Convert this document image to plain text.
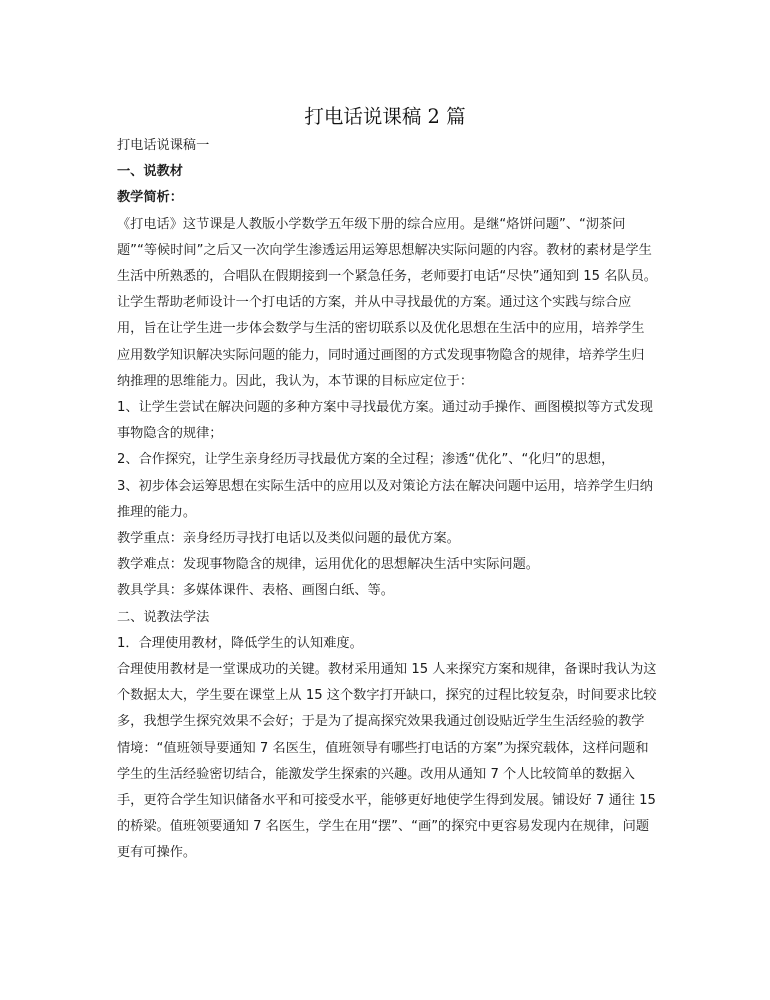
打电话说课稿 2 篇

打电话说课稿一

一、说教材

教学简析：

《打电话》这节课是人教版小学数学五年级下册的综合应用。是继“烙饼问题”、“沏茶问题”“等候时间”之后又一次向学生渗透运用运筹思想解决实际问题的内容。教材的素材是学生生活中所熟悉的，合唱队在假期接到一个紧急任务，老师要打电话“尽快”通知到 15 名队员。让学生帮助老师设计一个打电话的方案，并从中寻找最优的方案。通过这个实践与综合应用，旨在让学生进一步体会数学与生活的密切联系以及优化思想在生活中的应用，培养学生应用数学知识解决实际问题的能力，同时通过画图的方式发现事物隐含的规律，培养学生归纳推理的思维能力。因此，我认为，本节课的目标应定位于：

1、让学生尝试在解决问题的多种方案中寻找最优方案。通过动手操作、画图模拟等方式发现事物隐含的规律；

2、合作探究，让学生亲身经历寻找最优方案的全过程；渗透“优化”、“化归”的思想，

3、初步体会运筹思想在实际生活中的应用以及对策论方法在解决问题中运用，培养学生归纳推理的能力。

教学重点：亲身经历寻找打电话以及类似问题的最优方案。

教学难点：发现事物隐含的规律，运用优化的思想解决生活中实际问题。

教具学具：多媒体课件、表格、画图白纸、等。

二、说教法学法

1．合理使用教材，降低学生的认知难度。

合理使用教材是一堂课成功的关键。教材采用通知 15 人来探究方案和规律，备课时我认为这个数据太大，学生要在课堂上从 15 这个数字打开缺口，探究的过程比较复杂，时间要求比较多，我想学生探究效果不会好；于是为了提高探究效果我通过创设贴近学生生活经验的教学情境：“值班领导要通知 7 名医生，值班领导有哪些打电话的方案”为探究载体，这样问题和学生的生活经验密切结合，能激发学生探索的兴趣。改用从通知 7 个人比较简单的数据入手，更符合学生知识储备水平和可接受水平，能够更好地使学生得到发展。铺设好 7 通往 15 的桥梁。值班领要通知 7 名医生，学生在用“摆”、“画”的探究中更容易发现内在规律，问题更有可操作。
